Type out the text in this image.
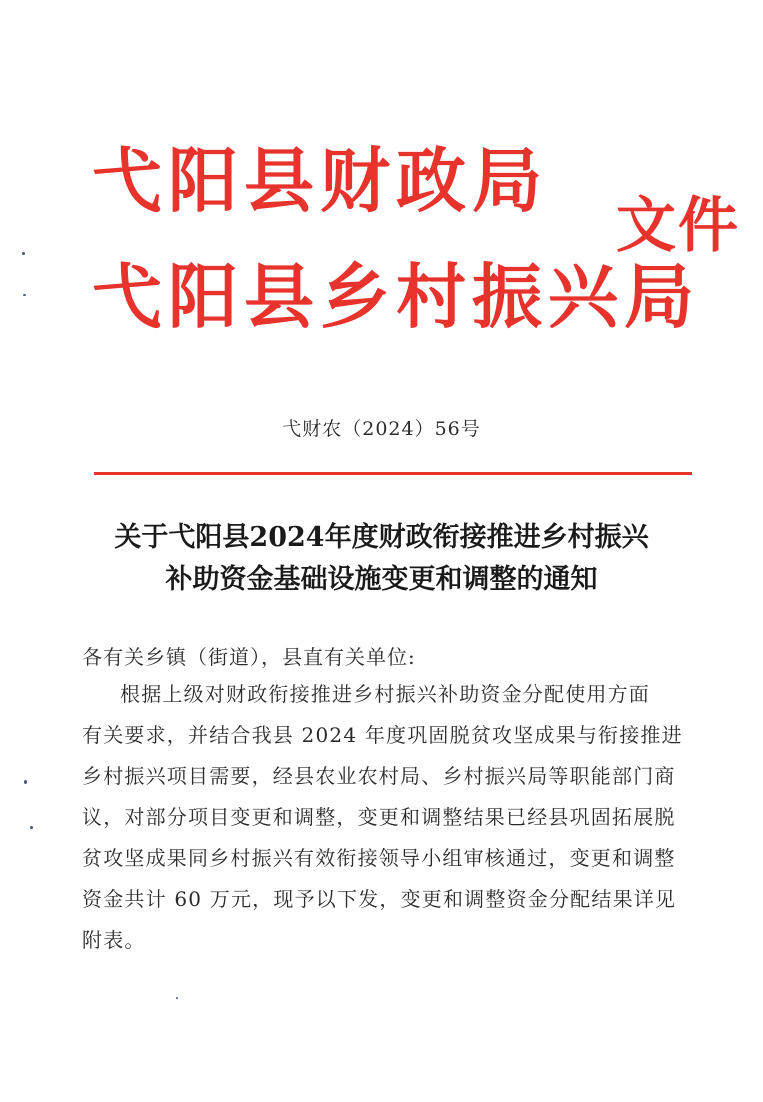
弋阳县财政局
弋阳县乡村振兴局
文件
弋财农（2024）56号
关于弋阳县2024年度财政衔接推进乡村振兴
补助资金基础设施变更和调整的通知
各有关乡镇（街道），县直有关单位:
根据上级对财政衔接推进乡村振兴补助资金分配使用方面
有关要求，并结合我县 2024 年度巩固脱贫攻坚成果与衔接推进
乡村振兴项目需要，经县农业农村局、乡村振兴局等职能部门商
议，对部分项目变更和调整，变更和调整结果已经县巩固拓展脱
贫攻坚成果同乡村振兴有效衔接领导小组审核通过，变更和调整
资金共计 60 万元，现予以下发，变更和调整资金分配结果详见
附表。
